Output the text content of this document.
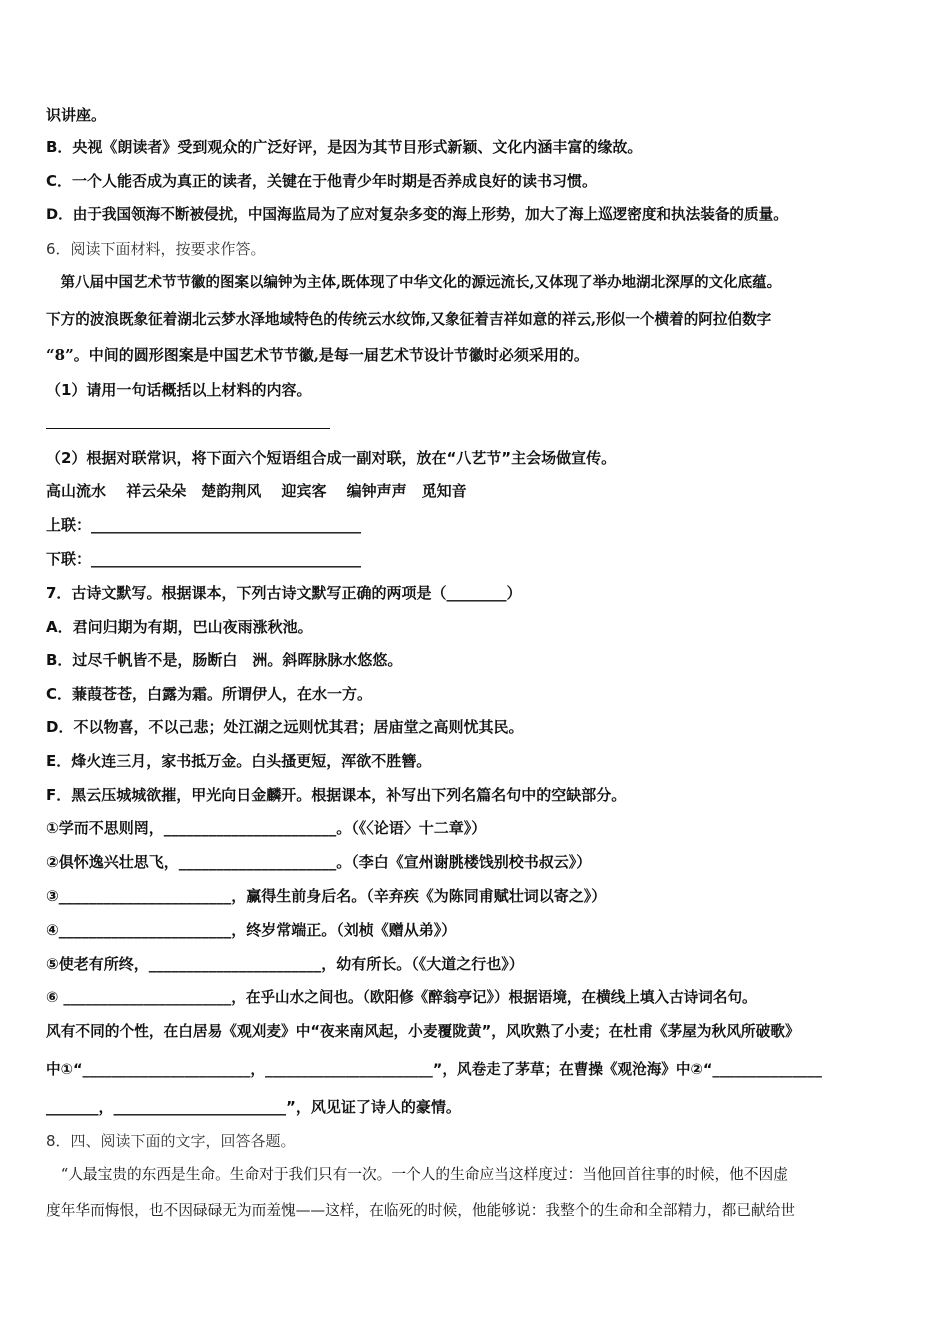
识讲座。
B．央视《朗读者》受到观众的广泛好评，是因为其节目形式新颖、文化内涵丰富的缘故。
C．一个人能否成为真正的读者，关键在于他青少年时期是否养成良好的读书习惯。
D．由于我国领海不断被侵扰，中国海监局为了应对复杂多变的海上形势，加大了海上巡逻密度和执法装备的质量。
6．阅读下面材料，按要求作答。
　第八届中国艺术节节徽的图案以编钟为主体,既体现了中华文化的源远流长,又体现了举办地湖北深厚的文化底蕴。
下方的波浪既象征着湖北云梦水泽地域特色的传统云水纹饰,又象征着吉祥如意的祥云,形似一个横着的阿拉伯数字
“8”。中间的圆形图案是中国艺术节节徽,是每一届艺术节设计节徽时必须采用的。
（1）请用一句话概括以上材料的内容。
（2）根据对联常识，将下面六个短语组合成一副对联，放在“八艺节”主会场做宣传。
高山流水　 祥云朵朵　楚韵荆风　 迎宾客　 编钟声声　觅知音
上联：____________________________________
下联：____________________________________
7．古诗文默写。根据课本，下列古诗文默写正确的两项是（________）
A．君问归期为有期，巴山夜雨涨秋池。
B．过尽千帆皆不是，肠断白　洲。斜晖脉脉水悠悠。
C．蒹葭苍苍，白露为霜。所谓伊人，在水一方。
D．不以物喜，不以己悲；处江湖之远则忧其君；居庙堂之高则忧其民。
E．烽火连三月，家书抵万金。白头搔更短，浑欲不胜簪。
F．黑云压城城欲摧，甲光向日金麟开。根据课本，补写出下列名篇名句中的空缺部分。
①学而不思则罔，_______________________。（《〈论语〉十二章》）
②俱怀逸兴壮思飞，_____________________。（李白《宣州谢朓楼饯别校书叔云》）
③_______________________，赢得生前身后名。（辛弃疾《为陈同甫赋壮词以寄之》）
④_______________________，终岁常端正。（刘桢《赠从弟》）
⑤使老有所终，_______________________，幼有所长。（《大道之行也》）
⑥ _______________________，在乎山水之间也。（欧阳修《醉翁亭记》）根据语境，在横线上填入古诗词名句。
风有不同的个性，在白居易《观刈麦》中“夜来南风起，小麦覆陇黄”，风吹熟了小麦；在杜甫《茅屋为秋风所破歌》
中①“_______________________，_______________________”，风卷走了茅草；在曹操《观沧海》中②“_______________
_______，_______________________”，风见证了诗人的豪情。
8．四、阅读下面的文字，回答各题。
　“人最宝贵的东西是生命。生命对于我们只有一次。一个人的生命应当这样度过：当他回首往事的时候，他不因虚
度年华而悔恨，也不因碌碌无为而羞愧——这样，在临死的时候，他能够说：我整个的生命和全部精力，都已献给世
